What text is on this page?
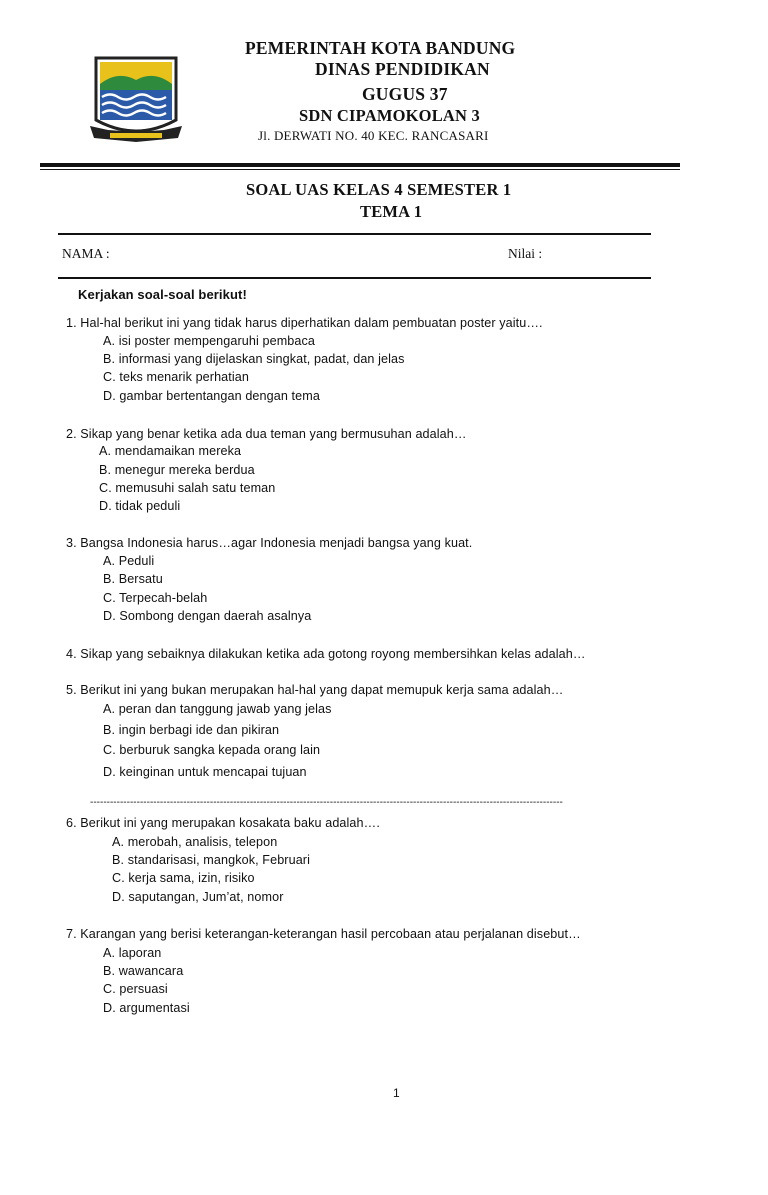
PEMERINTAH KOTA BANDUNG
DINAS PENDIDIKAN
GUGUS 37
SDN CIPAMOKOLAN 3
Jl. DERWATI NO. 40 KEC. RANCASARI
SOAL UAS KELAS 4 SEMESTER 1
TEMA 1
NAMA :	Nilai :
Kerjakan soal-soal berikut!
1. Hal-hal berikut ini yang tidak harus diperhatikan dalam pembuatan poster yaitu….
A. isi poster mempengaruhi pembaca
B. informasi yang dijelaskan singkat, padat, dan jelas
C. teks menarik perhatian
D. gambar bertentangan dengan tema
2. Sikap yang benar ketika ada dua teman yang bermusuhan adalah…
A. mendamaikan mereka
B. menegur mereka berdua
C. memusuhi salah satu teman
D. tidak peduli
3. Bangsa Indonesia harus…agar Indonesia menjadi bangsa yang kuat.
A. Peduli
B. Bersatu
C. Terpecah-belah
D. Sombong dengan daerah asalnya
4. Sikap yang sebaiknya dilakukan ketika ada gotong royong membersihkan kelas adalah…
5. Berikut ini yang bukan merupakan hal-hal yang dapat memupuk kerja sama adalah…
A. peran dan tanggung jawab yang jelas
B. ingin berbagi ide dan pikiran
C. berburuk sangka kepada orang lain
D. keinginan untuk mencapai tujuan
----------------------------------------------------------------------------------------------------------------------------------------------
6. Berikut ini yang merupakan kosakata baku adalah….
A. merobah, analisis, telepon
B. standarisasi, mangkok, Februari
C. kerja sama, izin, risiko
D. saputangan, Jum’at, nomor
7. Karangan yang berisi keterangan-keterangan hasil percobaan atau perjalanan disebut…
A. laporan
B. wawancara
C. persuasi
D. argumentasi
1
